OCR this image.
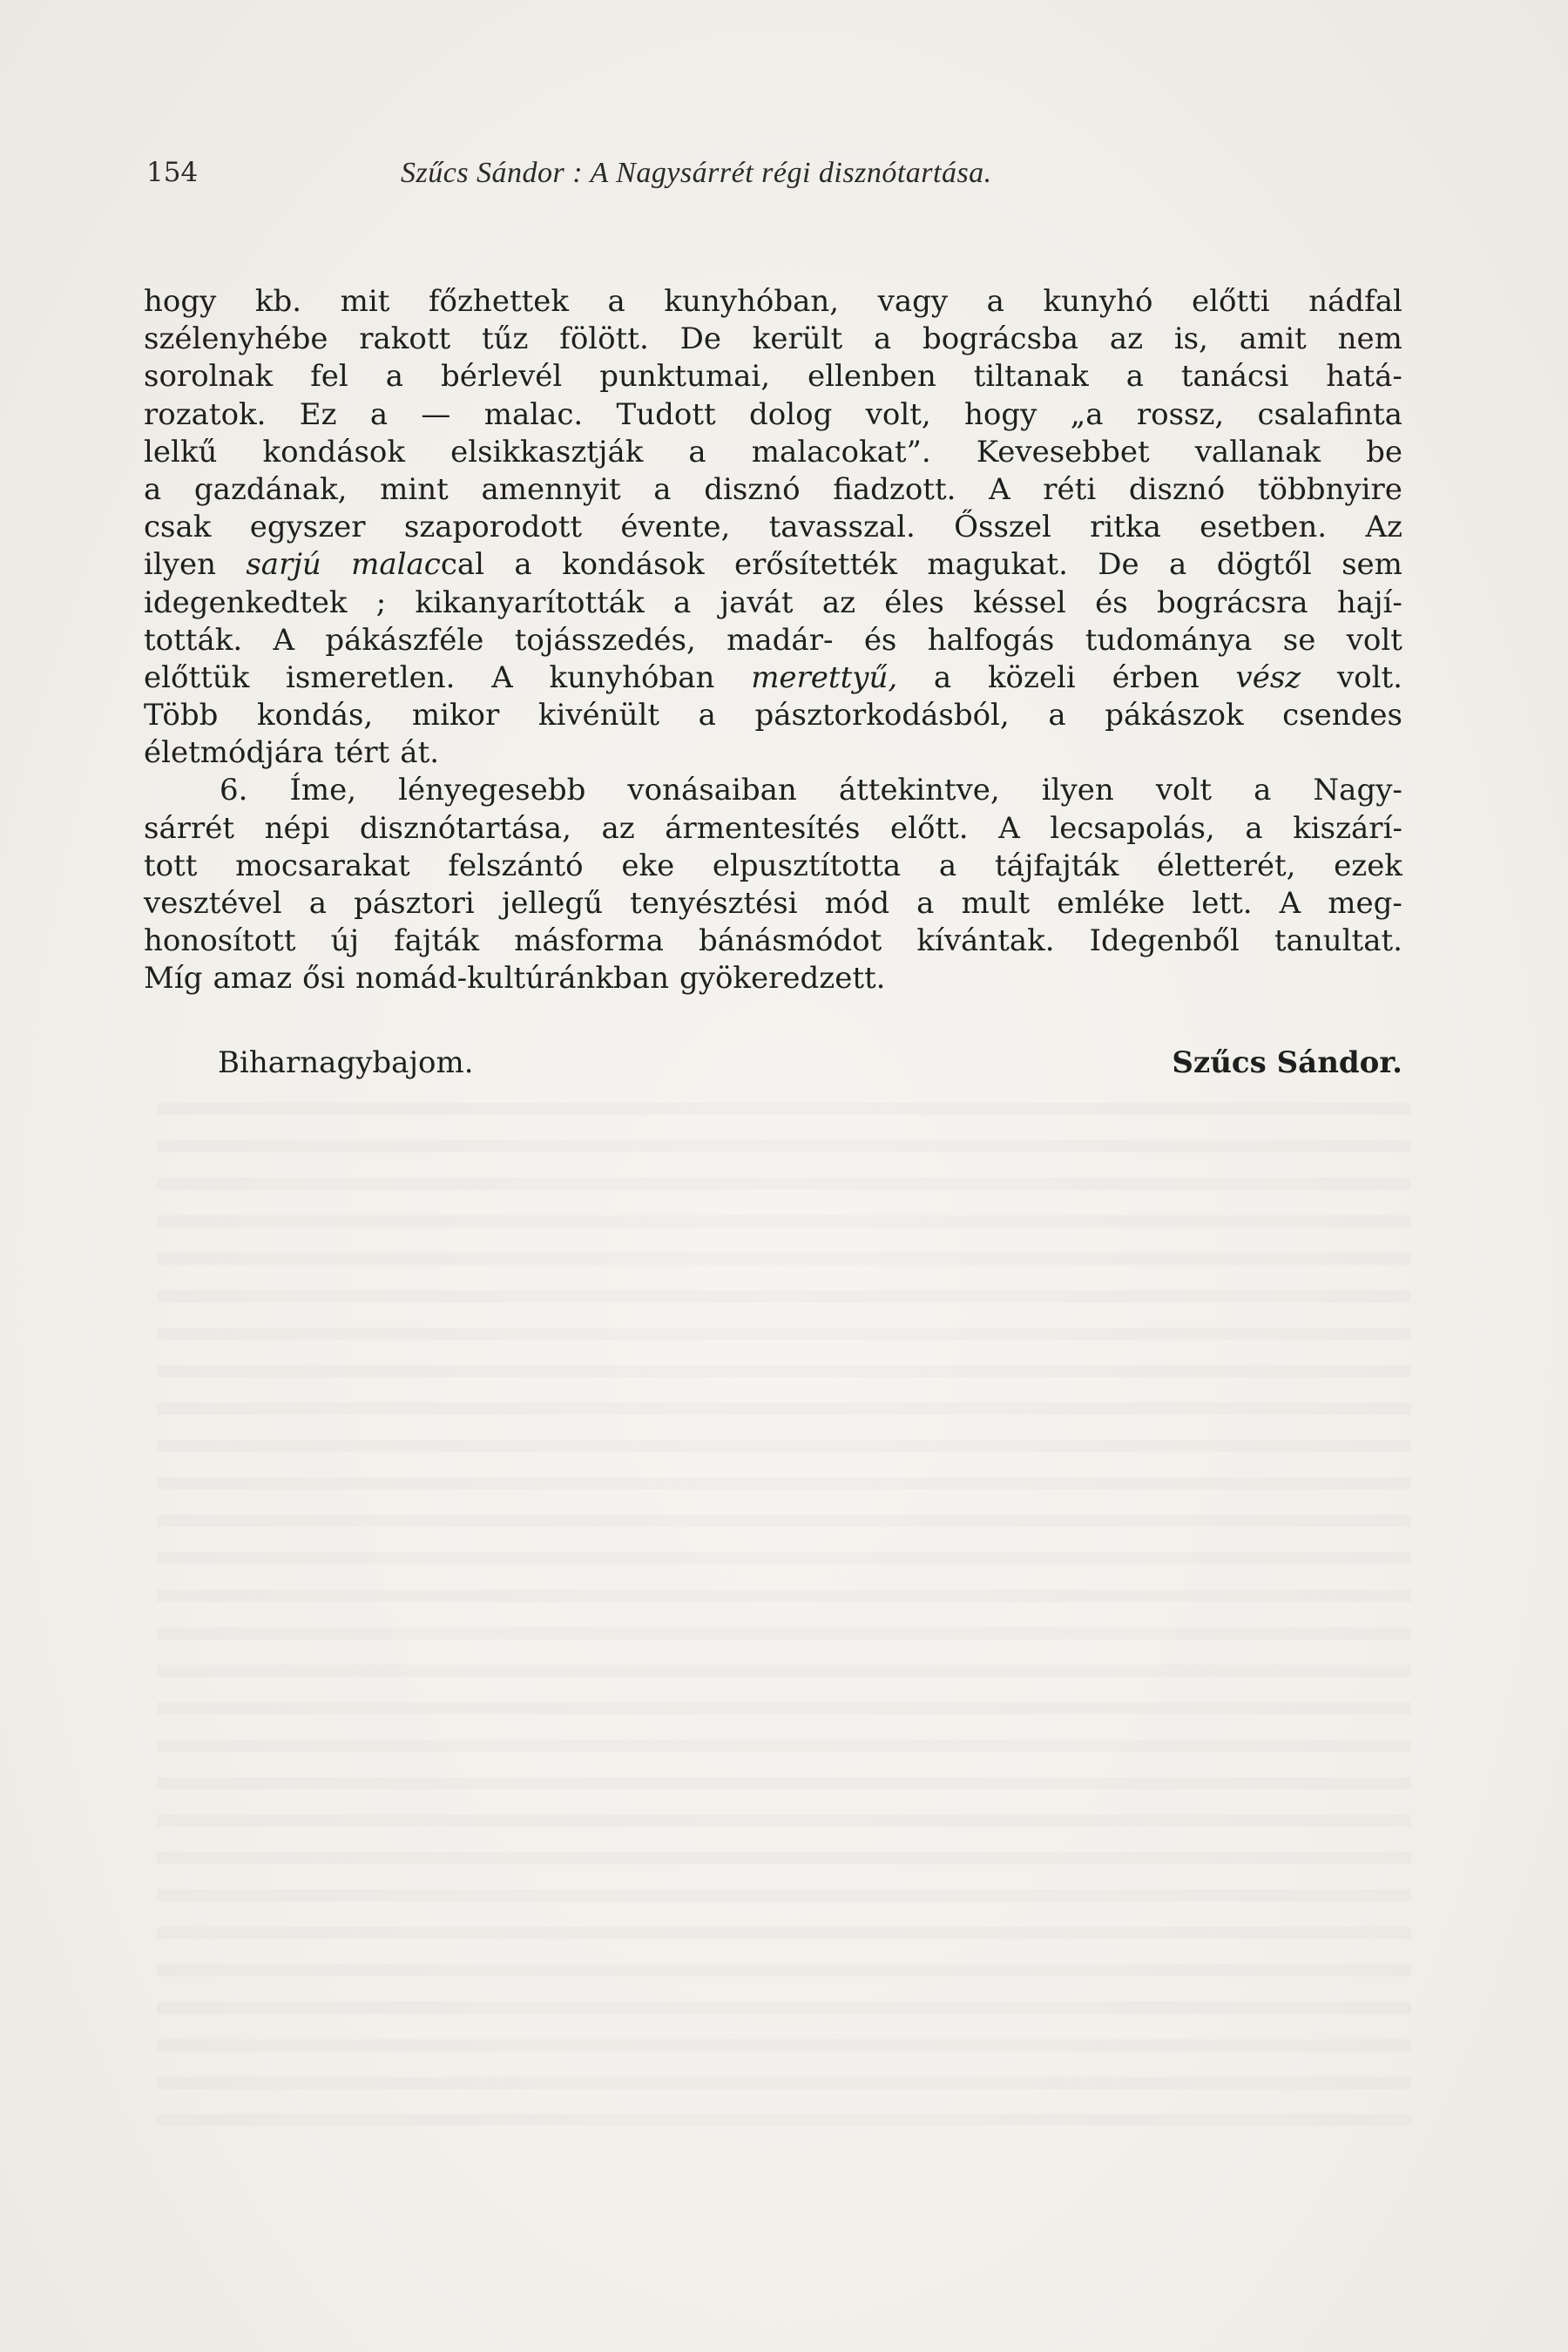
154	Szűcs Sándor : A Nagysárrét régi disznótartása.
hogy kb. mit főzhettek a kunyhóban, vagy a kunyhó előtti nádfal
szélenyhébe rakott tűz fölött. De került a bográcsba az is, amit nem
sorolnak fel a bérlevél punktumai, ellenben tiltanak a tanácsi hatá-
rozatok. Ez a — malac. Tudott dolog volt, hogy „a rossz, csalafinta
lelkű kondások elsikkasztják a malacokat”. Kevesebbet vallanak be
a gazdának, mint amennyit a disznó fiadzott. A réti disznó többnyire
csak egyszer szaporodott évente, tavasszal. Ősszel ritka esetben. Az
ilyen sarjú malaccal a kondások erősítették magukat. De a dögtől sem
idegenkedtek ; kikanyarították a javát az éles késsel és bográcsra hají-
tották. A pákászféle tojásszedés, madár- és halfogás tudománya se volt
előttük ismeretlen. A kunyhóban merettyű, a közeli érben vész volt.
Több kondás, mikor kivénült a pásztorkodásból, a pákászok csendes
életmódjára tért át.
6. Íme, lényegesebb vonásaiban áttekintve, ilyen volt a Nagy-
sárrét népi disznótartása, az ármentesítés előtt. A lecsapolás, a kiszárí-
tott mocsarakat felszántó eke elpusztította a tájfajták életterét, ezek
vesztével a pásztori jellegű tenyésztési mód a mult emléke lett. A meg-
honosított új fajták másforma bánásmódot kívántak. Idegenből tanultat.
Míg amaz ősi nomád-kultúránkban gyökeredzett.
Biharnagybajom.	Szűcs Sándor.
